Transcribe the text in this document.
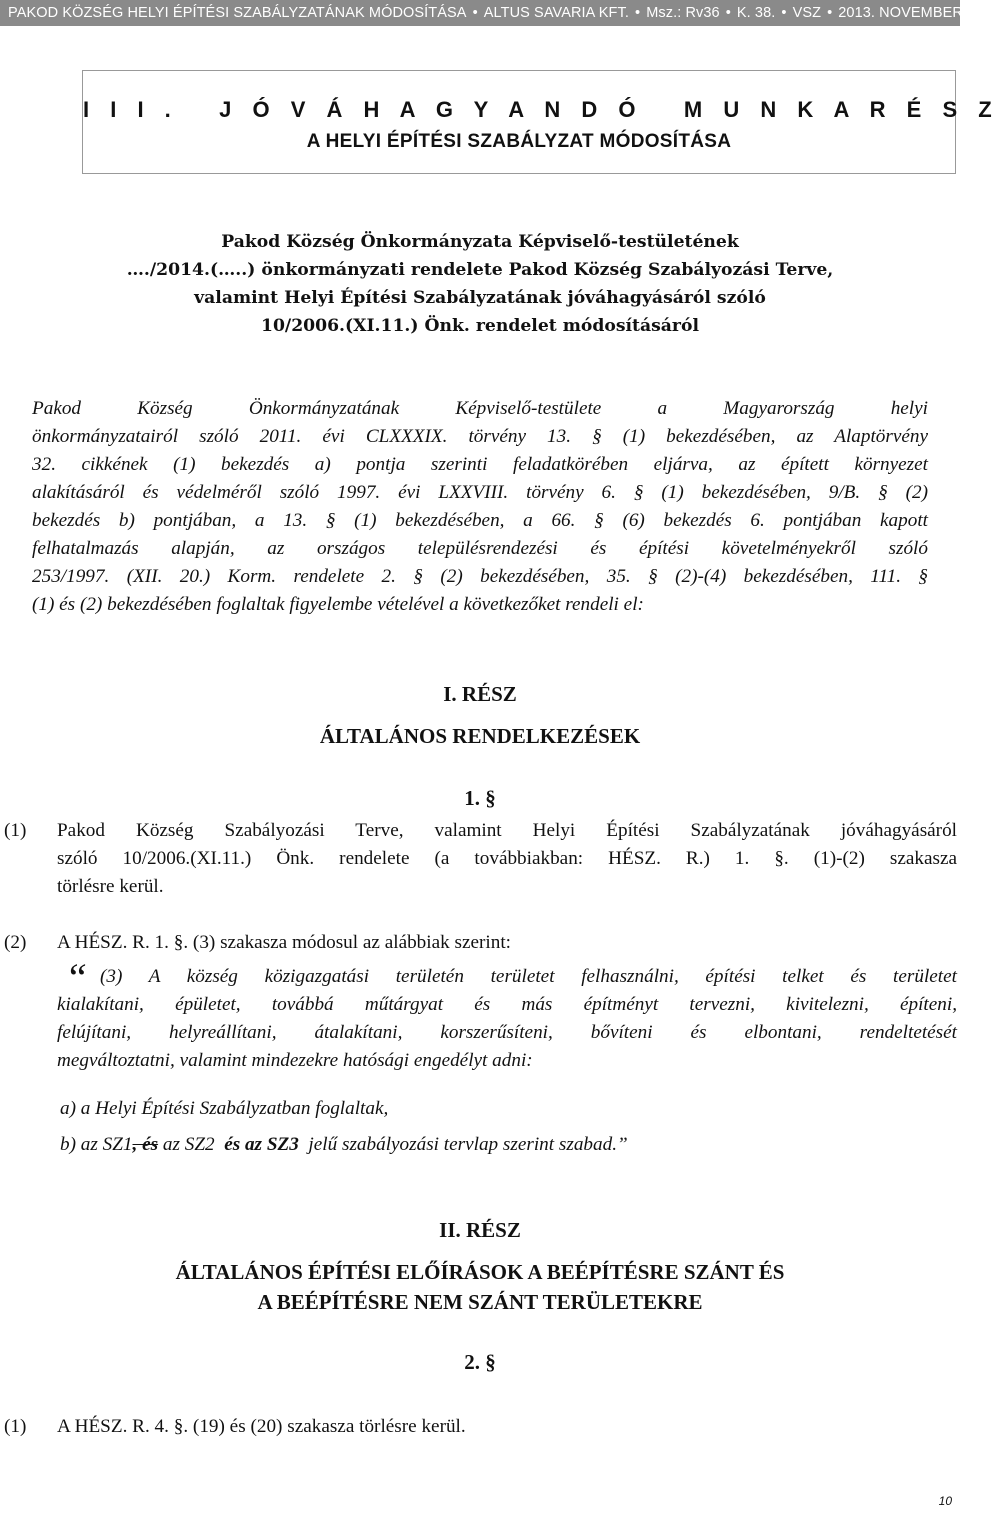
PAKOD KÖZSÉG HELYI ÉPÍTÉSI SZABÁLYZATÁNAK MÓDOSÍTÁSA • ALTUS SAVARIA KFT. • Msz.: Rv36 • K. 38. • VSZ • 2013. NOVEMBER HÓ
I I I .   J Ó V Á H A G Y A N D Ó   M U N K A R É S Z
A HELYI ÉPÍTÉSI SZABÁLYZAT MÓDOSÍTÁSA
Pakod Község Önkormányzata Képviselő-testületének
…./2014.(…..) önkormányzati rendelete Pakod Község Szabályozási Terve,
valamint Helyi Építési Szabályzatának jóváhagyásáról szóló
10/2006.(XI.11.) Önk. rendelet módosításáról
Pakod Község Önkormányzatának Képviselő-testülete a Magyarország helyi
önkormányzatairól szóló 2011. évi CLXXXIX. törvény 13. § (1) bekezdésében, az Alaptörvény
32. cikkének (1) bekezdés a) pontja szerinti feladatkörében eljárva, az épített környezet
alakításáról és védelméről szóló 1997. évi LXXVIII. törvény 6. § (1) bekezdésében, 9/B. § (2)
bekezdés b) pontjában, a 13. § (1) bekezdésében, a 66. § (6) bekezdés 6. pontjában kapott
felhatalmazás alapján, az országos településrendezési és építési követelményekről szóló
253/1997. (XII. 20.) Korm. rendelete 2. § (2) bekezdésében, 35. § (2)-(4) bekezdésében, 111. §
(1) és (2) bekezdésében foglaltak figyelembe vételével a következőket rendeli el:
I. RÉSZ
ÁLTALÁNOS RENDELKEZÉSEK
1. §
(1) Pakod Község Szabályozási Terve, valamint Helyi Építési Szabályzatának jóváhagyásáról
szóló 10/2006.(XI.11.) Önk. rendelete (a továbbiakban: HÉSZ. R.) 1. §. (1)-(2) szakasza
törlésre kerül.
(2) A HÉSZ. R. 1. §. (3) szakasza módosul az alábbiak szerint:
“ (3) A község közigazgatási területén területet felhasználni, építési telket és területet
kialakítani, épületet, továbbá műtárgyat és más építményt tervezni, kivitelezni, építeni,
felújítani, helyreállítani, átalakítani, korszerűsíteni, bővíteni és elbontani, rendeltetését
megváltoztatni, valamint mindezekre hatósági engedélyt adni:
a) a Helyi Építési Szabályzatban foglaltak,
b) az SZ1, és az SZ2  és az SZ3  jelű szabályozási tervlap szerint szabad.”
II. RÉSZ
ÁLTALÁNOS ÉPÍTÉSI ELŐÍRÁSOK A BEÉPÍTÉSRE SZÁNT ÉS
A BEÉPÍTÉSRE NEM SZÁNT TERÜLETEKRE
2. §
(1) A HÉSZ. R. 4. §. (19) és (20) szakasza törlésre kerül.
10
